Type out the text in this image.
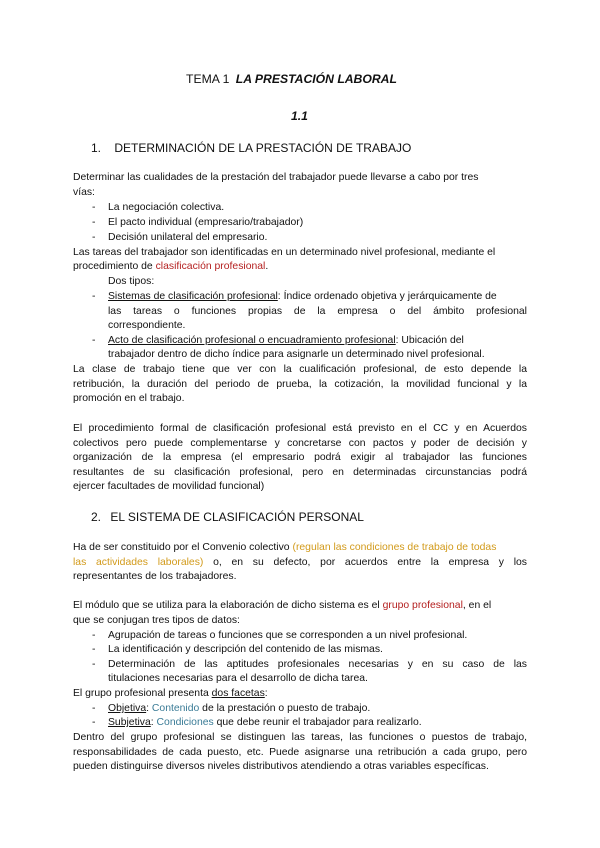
TEMA 1 LA PRESTACIÓN LABORAL
1.1
1. DETERMINACIÓN DE LA PRESTACIÓN DE TRABAJO
Determinar las cualidades de la prestación del trabajador puede llevarse a cabo por tres
vías:
- La negociación colectiva.
- El pacto individual (empresario/trabajador)
- Decisión unilateral del empresario.
Las tareas del trabajador son identificadas en un determinado nivel profesional, mediante el
procedimiento de clasificación profesional.
Dos tipos:
- Sistemas de clasificación profesional: Índice ordenado objetiva y jerárquicamente de
las tareas o funciones propias de la empresa o del ámbito profesional
correspondiente.
- Acto de clasificación profesional o encuadramiento profesional: Ubicación del
trabajador dentro de dicho índice para asignarle un determinado nivel profesional.
La clase de trabajo tiene que ver con la cualificación profesional, de esto depende la
retribución, la duración del periodo de prueba, la cotización, la movilidad funcional y la
promoción en el trabajo.
El procedimiento formal de clasificación profesional está previsto en el CC y en Acuerdos
colectivos pero puede complementarse y concretarse con pactos y poder de decisión y
organización de la empresa (el empresario podrá exigir al trabajador las funciones
resultantes de su clasificación profesional, pero en determinadas circunstancias podrá
ejercer facultades de movilidad funcional)
2. EL SISTEMA DE CLASIFICACIÓN PERSONAL
Ha de ser constituido por el Convenio colectivo (regulan las condiciones de trabajo de todas
las actividades laborales) o, en su defecto, por acuerdos entre la empresa y los
representantes de los trabajadores.
El módulo que se utiliza para la elaboración de dicho sistema es el grupo profesional, en el
que se conjugan tres tipos de datos:
- Agrupación de tareas o funciones que se corresponden a un nivel profesional.
- La identificación y descripción del contenido de las mismas.
- Determinación de las aptitudes profesionales necesarias y en su caso de las
titulaciones necesarias para el desarrollo de dicha tarea.
El grupo profesional presenta dos facetas:
- Objetiva: Contenido de la prestación o puesto de trabajo.
- Subjetiva: Condiciones que debe reunir el trabajador para realizarlo.
Dentro del grupo profesional se distinguen las tareas, las funciones o puestos de trabajo,
responsabilidades de cada puesto, etc. Puede asignarse una retribución a cada grupo, pero
pueden distinguirse diversos niveles distributivos atendiendo a otras variables específicas.
